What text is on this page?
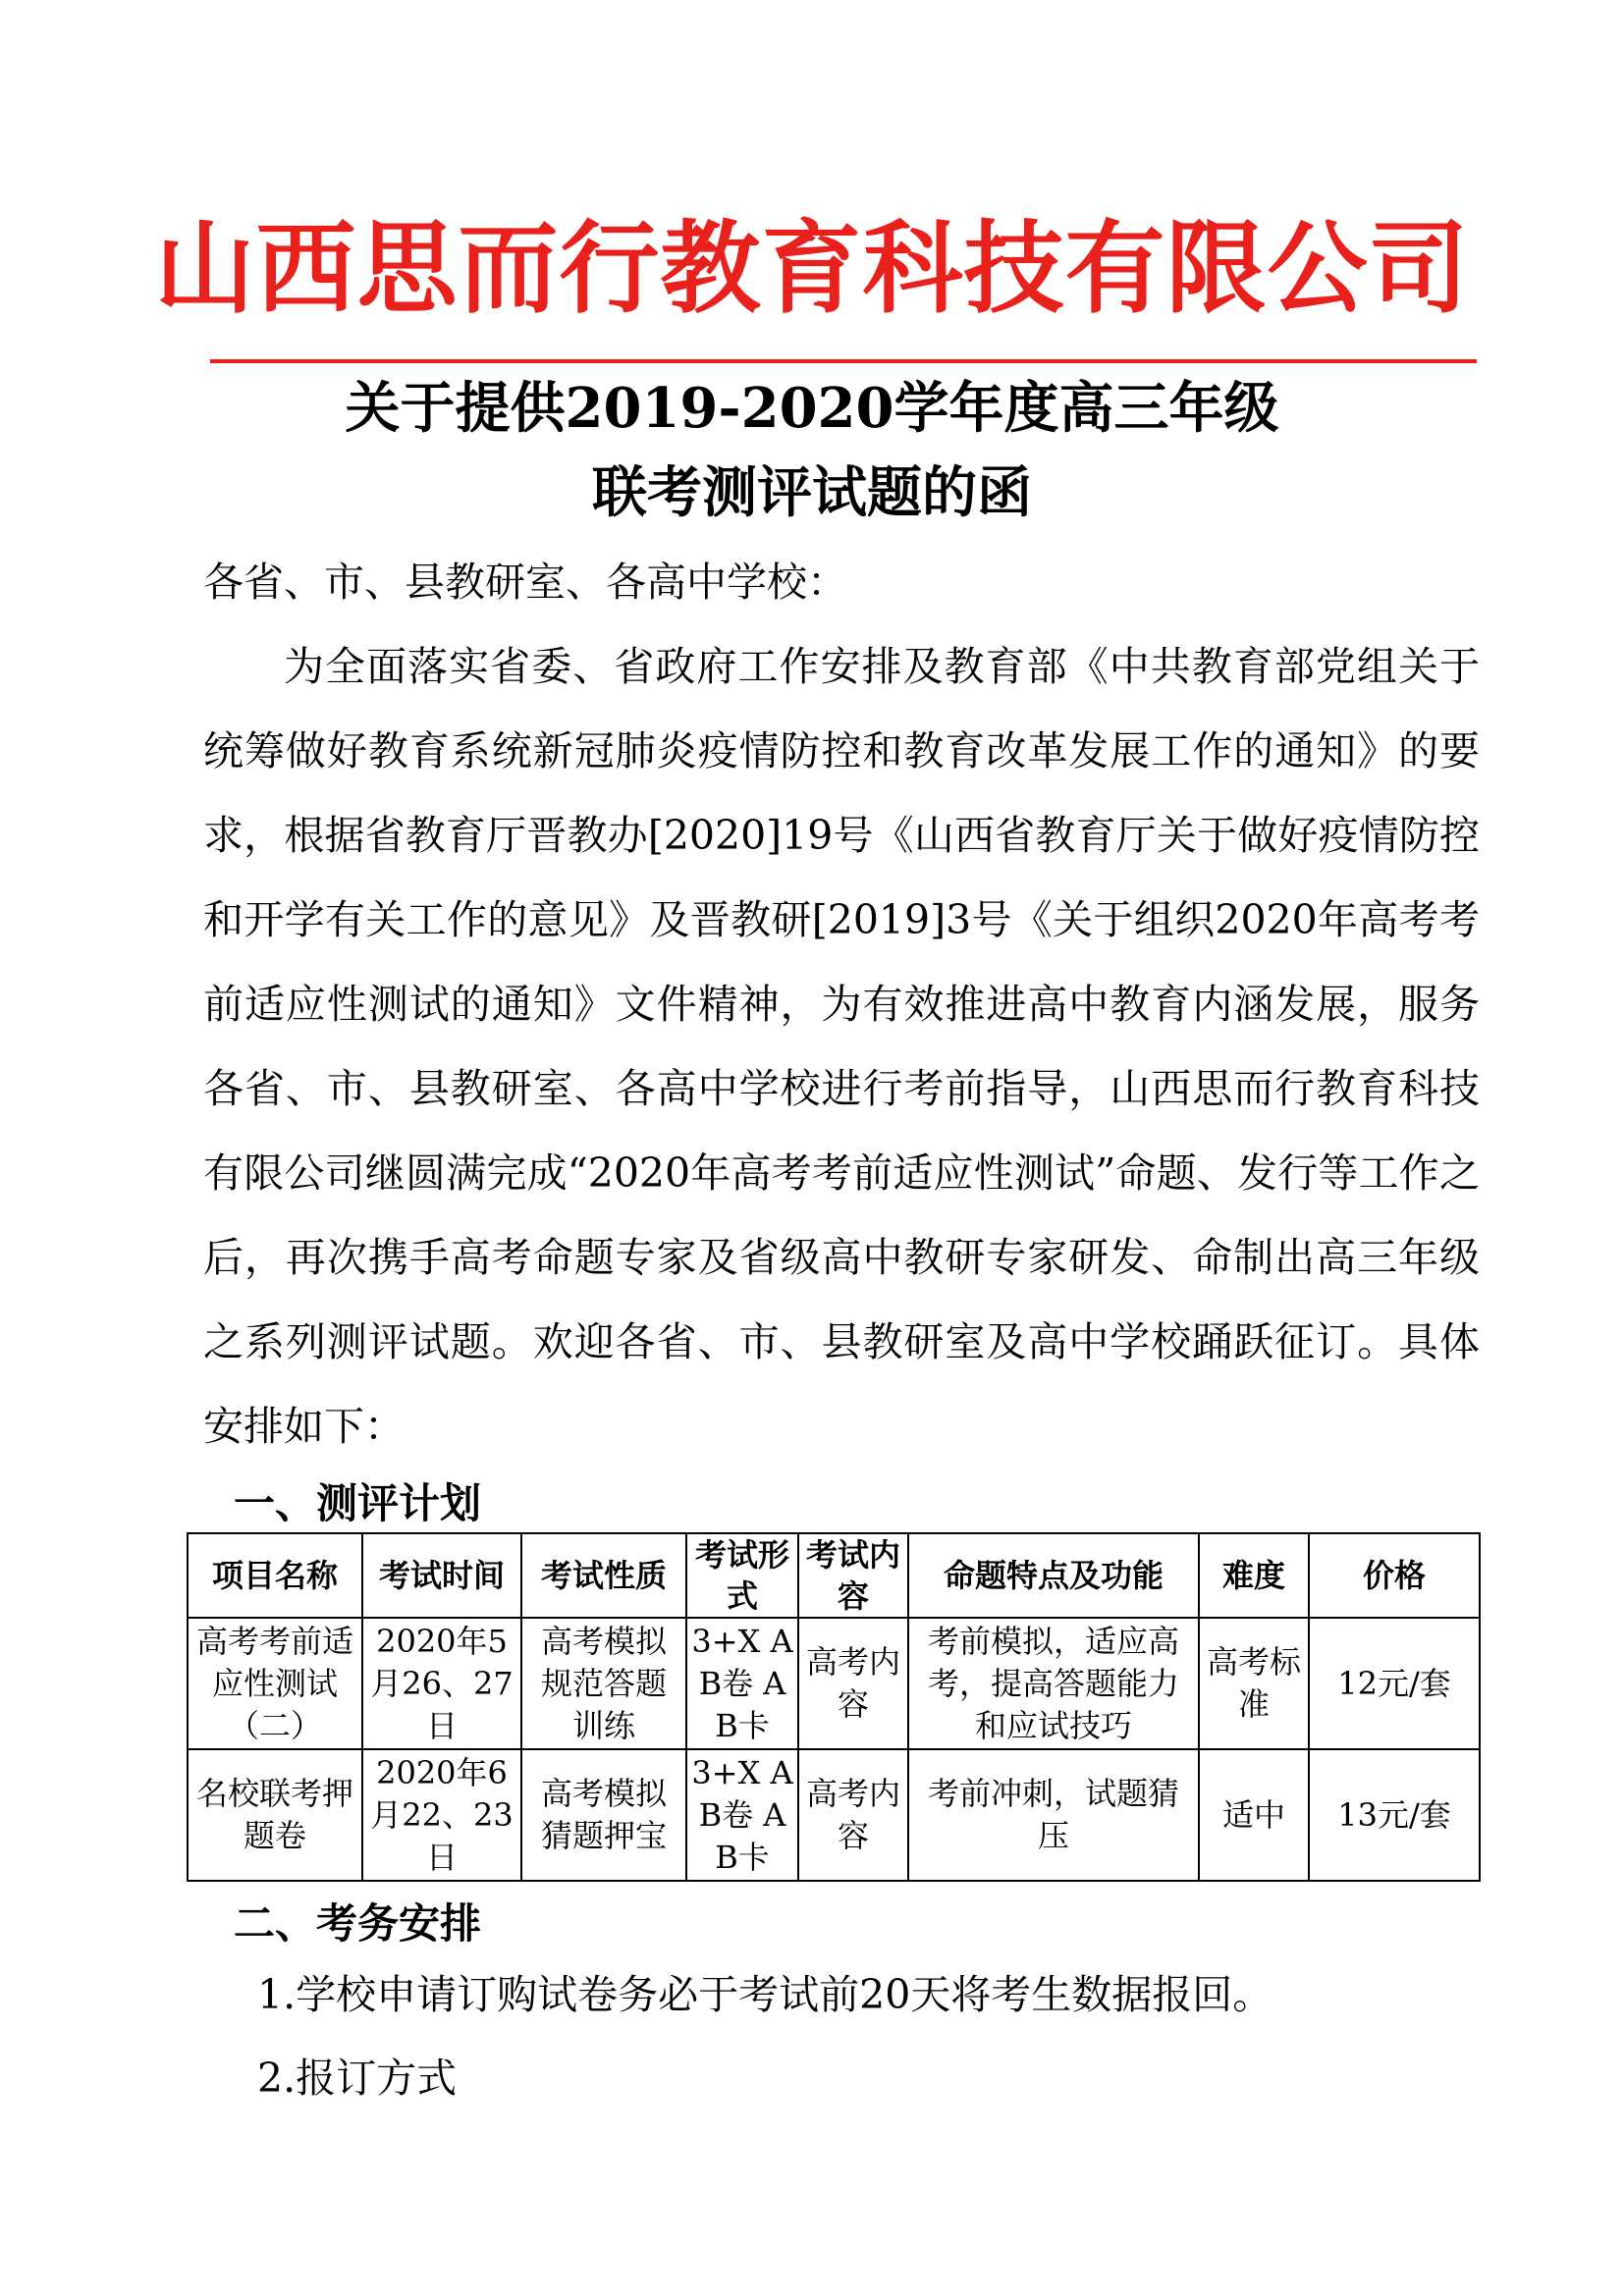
山西思而行教育科技有限公司
关于提供2019-2020学年度高三年级
联考测评试题的函
各省、市、县教研室、各高中学校：
为全面落实省委、省政府工作安排及教育部《中共教育部党组关于统筹做好教育系统新冠肺炎疫情防控和教育改革发展工作的通知》的要求，根据省教育厅晋教办[2020]19号《山西省教育厅关于做好疫情防控和开学有关工作的意见》及晋教研[2019]3号《关于组织2020年高考考前适应性测试的通知》文件精神，为有效推进高中教育内涵发展，服务各省、市、县教研室、各高中学校进行考前指导，山西思而行教育科技有限公司继圆满完成“2020年高考考前适应性测试”命题、发行等工作之后，再次携手高考命题专家及省级高中教研专家研发、命制出高三年级之系列测评试题。欢迎各省、市、县教研室及高中学校踊跃征订。具体安排如下：
一、测评计划
项目名称	考试时间	考试性质	考试形式	考试内容	命题特点及功能	难度	价格
高考考前适应性测试（二）	2020年5月26、27日	高考模拟规范答题训练	3+X AB卷 AB卡	高考内容	考前模拟，适应高考，提高答题能力和应试技巧	高考标准	12元/套
名校联考押题卷	2020年6月22、23日	高考模拟猜题押宝	3+X AB卷 AB卡	高考内容	考前冲刺，试题猜压	适中	13元/套
二、考务安排
1.学校申请订购试卷务必于考试前20天将考生数据报回。
2.报订方式
